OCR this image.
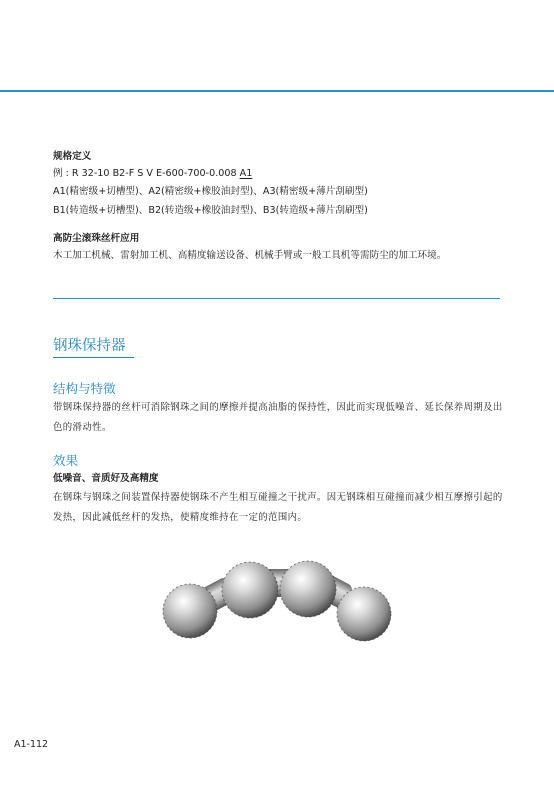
规格定义
例 : R 32-10 B2-F S V E-600-700-0.008 A1
A1(精密级+切槽型)、A2(精密级+橡胶油封型)、A3(精密级+薄片刮刷型)
B1(转造级+切槽型)、B2(转造级+橡胶油封型)、B3(转造级+薄片刮刷型)
高防尘滚珠丝杆应用
木工加工机械、雷射加工机、高精度输送设备、机械手臂或一般工具机等需防尘的加工环境。
钢珠保持器
结构与特徵
带钢珠保持器的丝杆可消除钢珠之间的摩擦并提高油脂的保持性，因此而实现低噪音、延长保养周期及出色的滑动性。
效果
低噪音、音质好及高精度
在钢珠与钢珠之间装置保持器使钢珠不产生相互碰撞之干扰声。因无钢珠相互碰撞而减少相互摩擦引起的发热，因此减低丝杆的发热，使精度维持在一定的范围内。
A1-112
